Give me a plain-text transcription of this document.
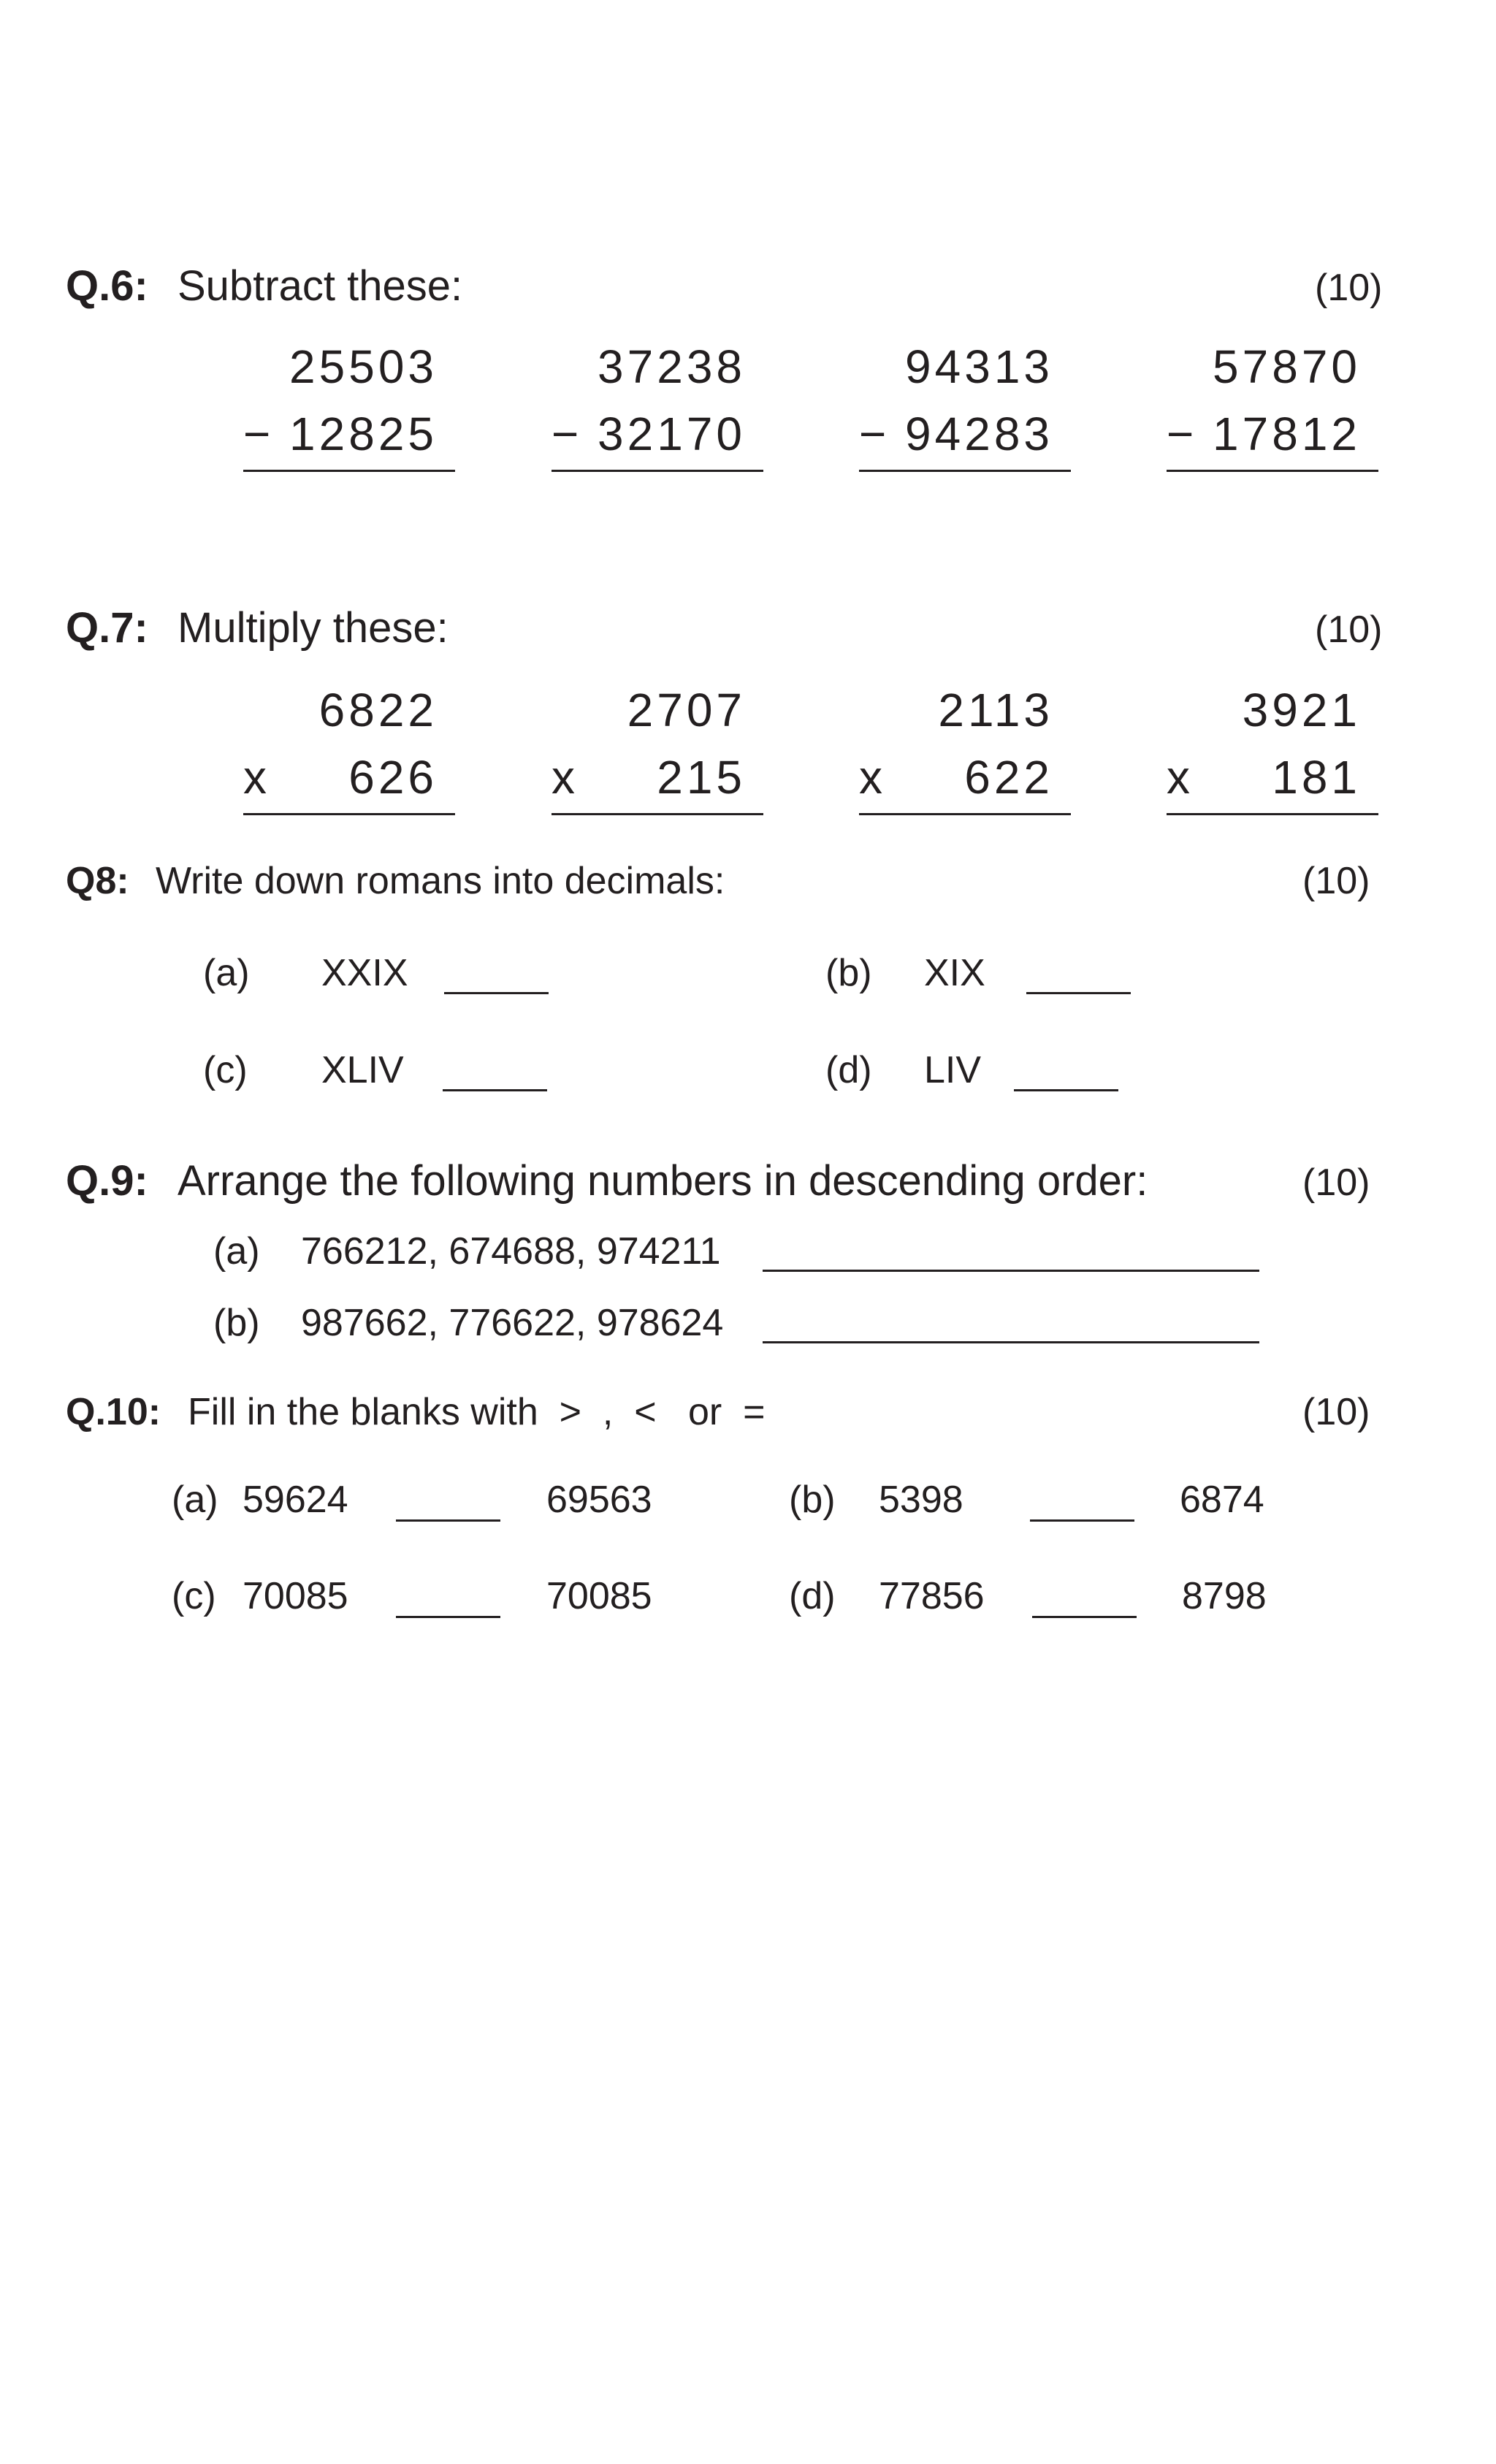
Q.6: Subtract these:	(10)
25503
− 12825
37238
− 32170
94313
− 94283
57870
− 17812
Q.7: Multiply these:	(10)
6822
x 626
2707
x 215
2113
x 622
3921
x 181
Q8: Write down romans into decimals:	(10)
(a) XXIX	(b) XIX
(c) XLIV	(d) LIV
Q.9: Arrange the following numbers in descending order:	(10)
(a) 766212, 674688, 974211
(b) 987662, 776622, 978624
Q.10: Fill in the blanks with  >  ,  <   or  =	(10)
(a) 59624	69563	(b) 5398	6874
(c) 70085	70085	(d) 77856	8798
